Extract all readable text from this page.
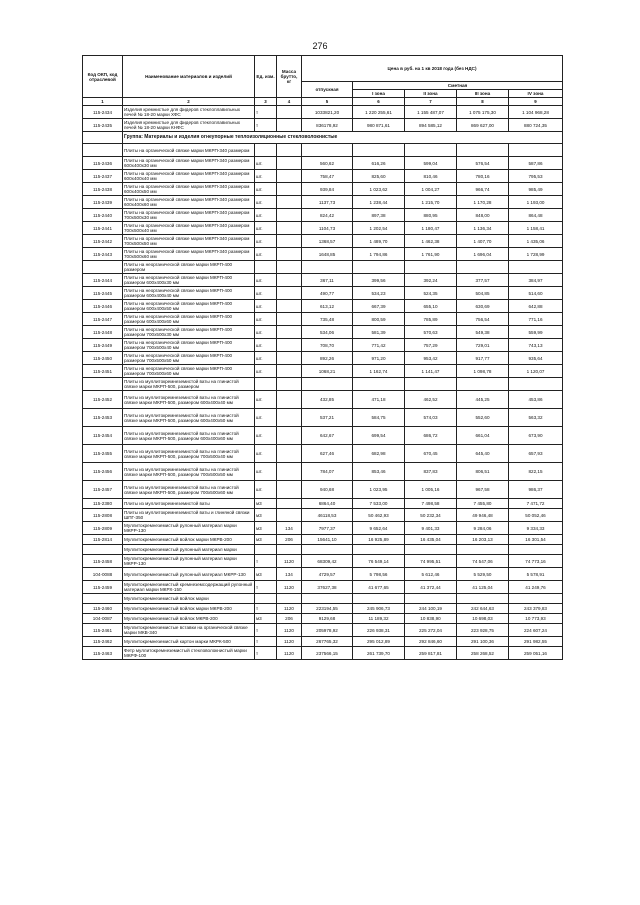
276
Код ОКП, код отраслевой	Наименование материалов и изделий	Ед. изм.	Масса брутто, кг	Цена в руб. на 1 кв 2018 года (без НДС)				
				отпускная	Сметная			
					I зона	II зона	III зона	IV зона
1	2	3	4	5	6	7	8	9
115-2434	Изделия кремнистые для фидеров стеклоплавильных печей № 18-20 марки ХФС	т		1033821,20	1 220 255,61	1 155 487,07	1 075 175,30	1 104 968,28
115-2435	Изделия кремнистые для фидеров стеклоплавильных печей № 18-20 марки КНФС	т		836178,92	980 871,61	894 585,12	869 627,00	880 724,35
	Группа: Материалы и изделия огнеупорные теплоизоляционные стекловолокнистые							
	Плиты на органической связке марки МКРП-340 размером							
115-2436	Плиты на органической связке марки МКРП-340 размером 600х400х30 мм	шт.		560,62	616,26	599,04	576,54	587,86
115-2437	Плиты на органической связке марки МКРП-340 размером 600х400х40 мм	шт.		758,47	825,60	810,46	780,16	795,53
115-2438	Плиты на органической связке марки МКРП-340 размером 600х400х50 мм	шт.		939,84	1 023,62	1 004,27	966,74	985,49
115-2439	Плиты на органической связке марки МКРП-340 размером 600х400х60 мм	шт.		1137,73	1 238,44	1 215,70	1 170,28	1 193,00
115-2440	Плиты на органической связке марки МКРП-340 размером 700х500х30 мм	шт.		824,42	897,38	880,95	848,00	864,48
115-2441	Плиты на органической связке марки МКРП-340 размером 700х500х40 мм	шт.		1104,73	1 202,54	1 180,47	1 136,34	1 158,41
115-2442	Плиты на органической связке марки МКРП-340 размером 700х500х50 мм	шт.		1368,57	1 489,70	1 462,38	1 407,70	1 435,06
115-2443	Плиты на органической связке марки МКРП-340 размером 700х500х60 мм	шт.		1648,85	1 794,86	1 761,90	1 696,04	1 728,99
	Плиты на неорганической связке марки МКРП-400 размером							
115-2444	Плиты на неорганической связке марки МКРП-400 размером 600х400х30 мм	шт.		367,11	399,56	392,24	377,57	384,97
115-2445	Плиты на неорганической связке марки МКРП-400 размером 600х400х40 мм	шт.		490,77	534,23	524,35	504,85	514,60
115-2446	Плиты на неорганической связке марки МКРП-400 размером 600х400х50 мм	шт.		613,12	667,39	655,10	630,69	642,88
115-2447	Плиты на неорганической связке марки МКРП-400 размером 600х400х60 мм	шт.		735,48	800,59	785,89	756,54	771,16
115-2448	Плиты на неорганической связке марки МКРП-400 размером 700х500х30 мм	шт.		534,06	581,39	570,63	549,38	559,99
115-2449	Плиты на неорганической связке марки МКРП-400 размером 700х500х40 мм	шт.		708,70	771,42	757,29	729,01	743,13
115-2450	Плиты на неорганической связке марки МКРП-400 размером 700х500х50 мм	шт.		892,26	971,20	953,42	917,77	935,64
115-2451	Плиты на неорганической связке марки МКРП-400 размером 700х500х60 мм	шт.		1068,21	1 162,74	1 141,47	1 098,78	1 120,07
	Плиты из муллитокремнеземистой ваты на глинистой связке марки МКРП-500, размером							
115-2452	Плиты из муллитокремнеземистой ваты на глинистой связке марки МКРП-500, размером 600х400х40 мм	шт.		432,85	471,18	462,52	445,25	453,86
115-2453	Плиты из муллитокремнеземистой ваты на глинистой связке марки МКРП-500, размером 600х400х50 мм	шт.		537,21	584,75	574,03	552,60	563,32
115-2454	Плиты из муллитокремнеземистой ваты на глинистой связке марки МКРП-500, размером 600х400х60 мм	шт.		642,67	699,54	686,72	661,04	673,90
115-2455	Плиты из муллитокремнеземистой ваты на глинистой связке марки МКРП-500, размером 700х500х40 мм	шт.		627,46	682,98	670,45	645,40	657,93
115-2456	Плиты из муллитокремнеземистой ваты на глинистой связке марки МКРП-500, размером 700х500х50 мм	шт.		784,07	853,46	837,83	806,51	822,15
115-2457	Плиты из муллитокремнеземистой ваты на глинистой связке марки МКРП-500, размером 700х500х60 мм	шт.		940,68	1 023,95	1 005,16	967,58	986,37
115-2380	Плиты из муллитокремнеземистой ваты	м3		6864,40	7 533,00	7 498,58	7 455,80	7 471,72
115-2808	Плиты из муллитокремнеземистой ваты и глиняной связки ШПГ-350	м3		46118,53	50 462,93	50 232,34	49 946,48	50 052,46
115-2809	Муллитокремнеземистый рулонный материал марки МКРР-130	м3	134	7977,37	9 652,64	9 401,33	9 284,06	9 334,33
115-2814	Муллитокремнеземистый войлок марки МКРВ-200	м3	206	15641,10	16 925,89	16 435,04	16 203,13	16 301,54
	Муллитокремнеземистый рулонный материал марки							
115-2458	Муллитокремнеземистый рулонный материал марки МКРР-130	т	1120	68309,42	76 549,14	74 995,51	74 547,06	74 773,16
104-0088	Муллитокремнеземистый рулонный материал МКРР-130	м3	134	4729,57	5 798,56	5 612,46	5 529,50	5 578,91
115-2459	Муллитокремнеземистый кремнеземсодержащий рулонный материал марки МКРХ-150	т	1120	37627,38	41 677,65	41 372,44	41 125,04	41 249,76
	Муллитокремнеземистый войлок марки							
115-2460	Муллитокремнеземистый войлок марки МКРВ-200	т	1120	223194,55	245 906,73	244 100,19	242 644,63	243 379,83
104-0087	Муллитокремнеземистый войлок МКРВ-200	м3	206	9129,68	11 189,32	10 838,90	10 698,03	10 773,93
115-2461	Муллитокремнеземистые вставки на органической связке марки МКВ-340	т	1120	205978,92	226 938,31	225 272,04	223 928,75	224 607,24
115-2462	Муллитокремнеземистый картон марки МКРК-500	т	1120	267765,32	295 012,89	292 846,60	291 100,36	291 982,55
115-2463	Фетр муллитокремнеземистый стекловолокнистый марки МКРФ-100	т	1120	237566,15	261 739,70	259 817,81	258 268,52	259 051,16
